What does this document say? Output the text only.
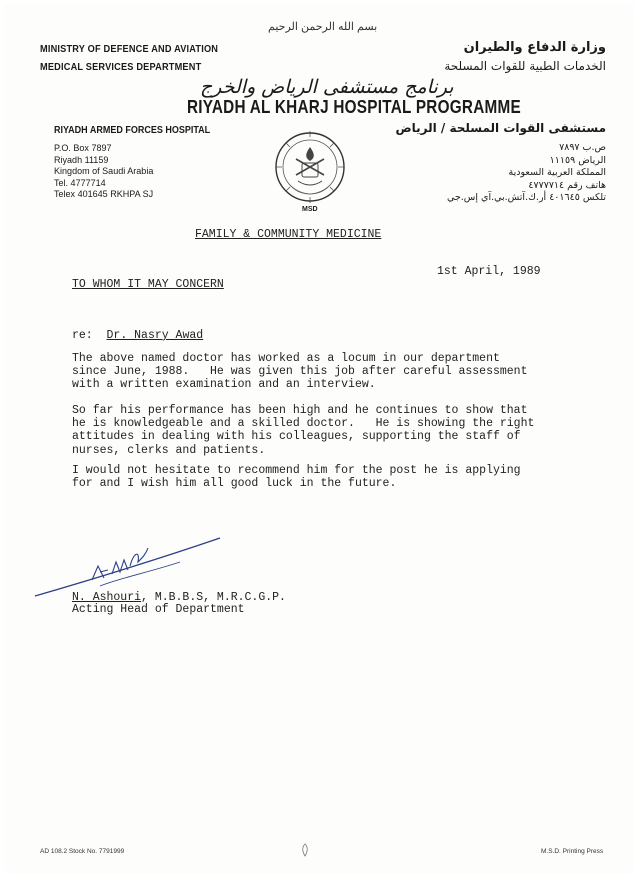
بسم الله الرحمن الرحيم
MINISTRY OF DEFENCE AND AVIATION
MEDICAL SERVICES DEPARTMENT
وزارة الدفاع والطيران
الخدمات الطبية للقوات المسلحة
برنامج مستشفى الرياض والخرج
RIYADH AL KHARJ HOSPITAL PROGRAMME
RIYADH ARMED FORCES HOSPITAL	مستشفى القوات المسلحة / الرياض
P.O. Box 7897
Riyadh 11159
Kingdom of Saudi Arabia
Tel. 4777714
Telex 401645 RKHPA SJ
ص.ب ٧٨٩٧
الرياض ١١١٥٩
المملكة العربية السعودية
هاتف رقم ٤٧٧٧٧١٤
تلكس ٤٠١٦٤٥ أر.ك.آتش.بي.آي إس.جي
MSD
FAMILY & COMMUNITY MEDICINE
1st April, 1989
TO WHOM IT MAY CONCERN
re: Dr. Nasry Awad
The above named doctor has worked as a locum in our department
since June, 1988.   He was given this job after careful assessment
with a written examination and an interview.
So far his performance has been high and he continues to show that
he is knowledgeable and a skilled doctor.   He is showing the right
attitudes in dealing with his colleagues, supporting the staff of
nurses, clerks and patients.
I would not hesitate to recommend him for the post he is applying
for and I wish him all good luck in the future.
N. Ashouri, M.B.B.S, M.R.C.G.P.
Acting Head of Department
AD 108.2 Stock No. 7791999	M.S.D. Printing Press
